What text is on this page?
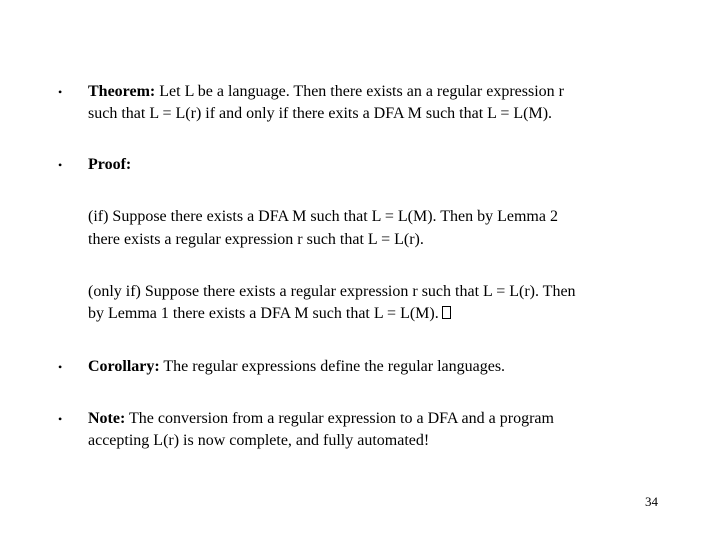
• Theorem: Let L be a language. Then there exists an a regular expression r
such that L = L(r) if and only if there exits a DFA M such that L = L(M).
• Proof:
(if) Suppose there exists a DFA M such that L = L(M). Then by Lemma 2
there exists a regular expression r such that L = L(r).
(only if) Suppose there exists a regular expression r such that L = L(r). Then
by Lemma 1 there exists a DFA M such that L = L(M).
• Corollary: The regular expressions define the regular languages.
• Note: The conversion from a regular expression to a DFA and a program
accepting L(r) is now complete, and fully automated!
34
